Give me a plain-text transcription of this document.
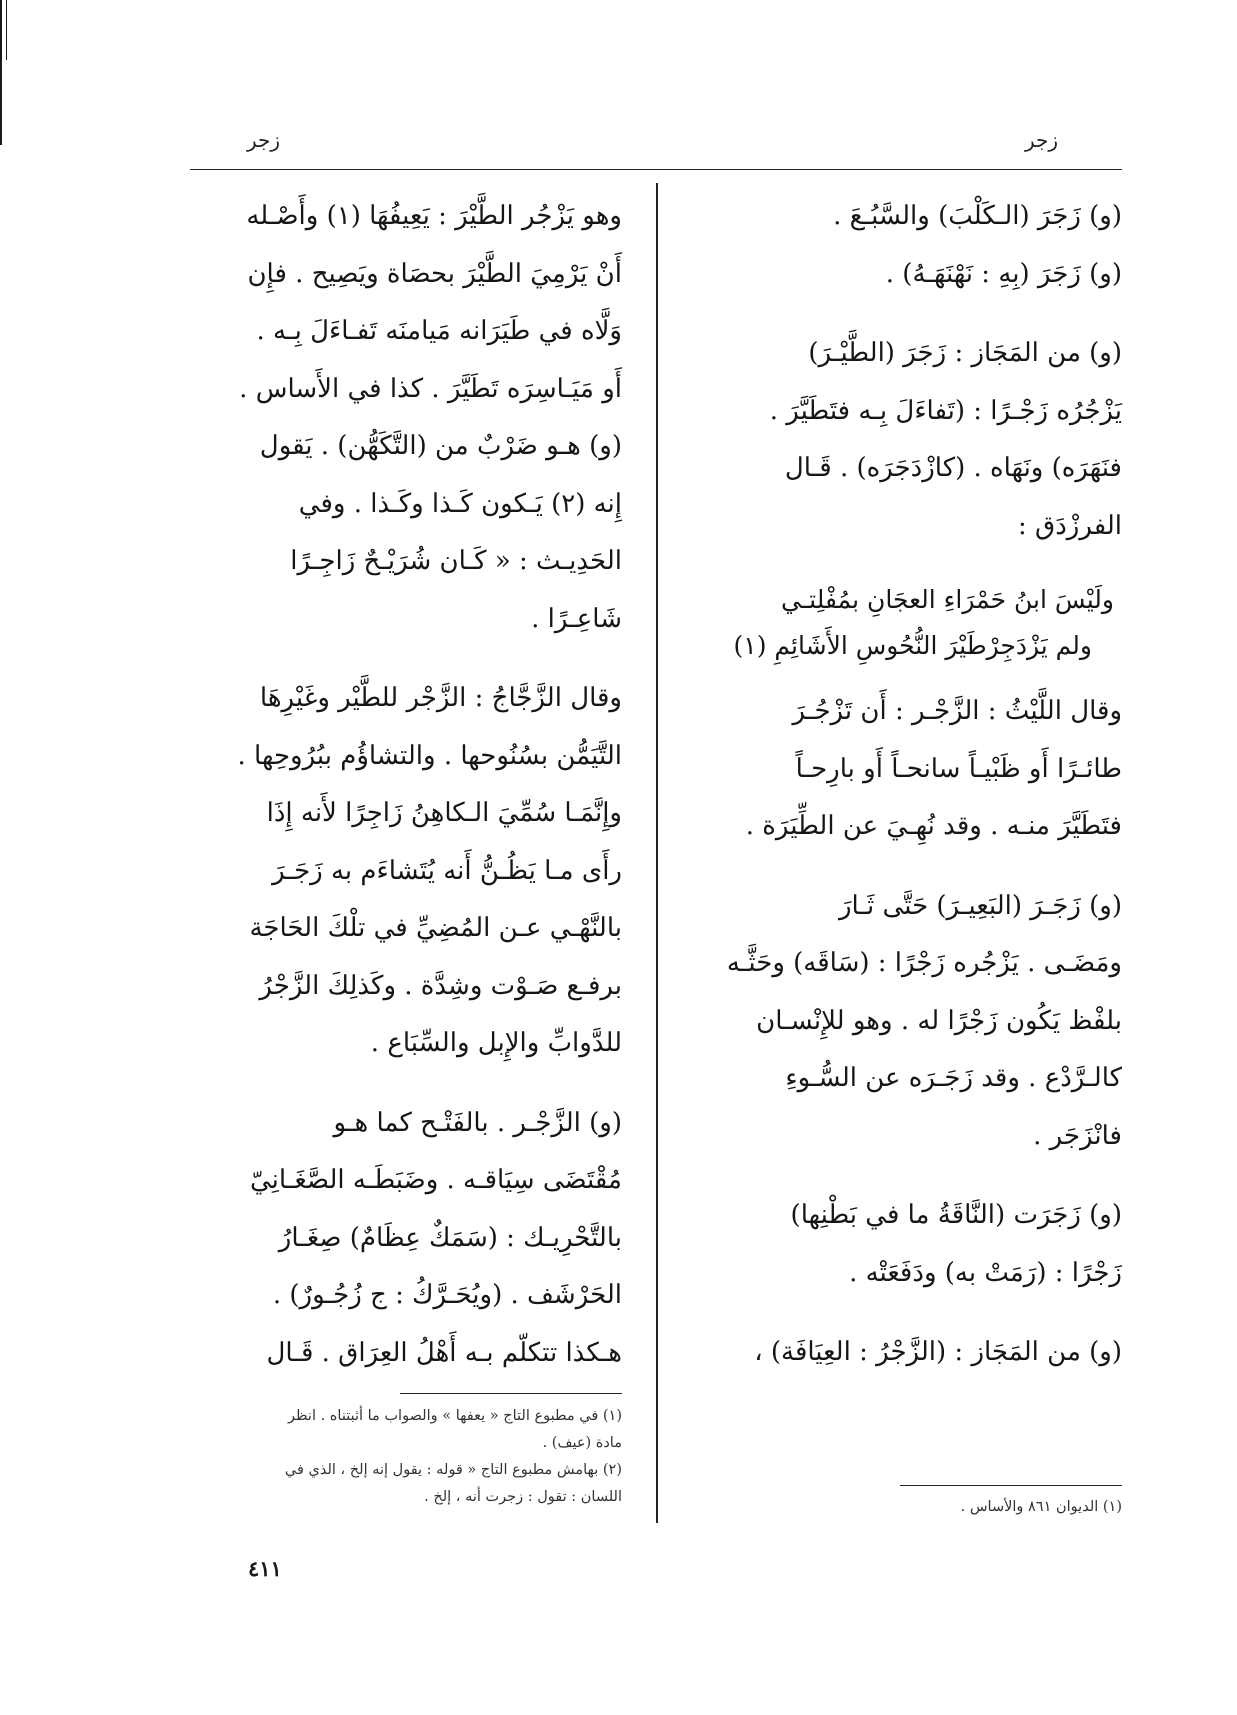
زجر	زجر

(و) زَجَرَ (الـكَلْبَ) والسَّبُـعَ .

(و) زَجَرَ (بِهِ : نَهْنَهَـهُ) .

(و) من المَجَاز : زَجَرَ (الطَّيْـرَ)

يَزْجُرُه زَجْـرًا : (تَفاءَلَ بِـه فتَطَيَّرَ .

فنَهَرَه) ونَهَاه . (كازْدَجَرَه) . قَـال

الفرزْدَق :

ولَيْسَ ابنُ حَمْرَاءِ العجَانِ بمُفْلِتـي
ولم يَزْدَجِرْطَيْرَ النُّحُوسِ الأَشَائِمِ (١)

وقال اللَّيْثُ : الزَّجْـر : أَن تَزْجُـرَ

طائـرًا أَو ظَبْيـاً سانحـاً أَو بارِحـاً

فتَطَيَّرَ منـه . وقد نُهِـيَ عن الطِّيَرَة .

(و) زَجَـرَ (البَعِيـرَ) حَتَّى ثَـارَ

ومَضَـى . يَزْجُره زَجْرًا : (سَاقَه) وحَثَّـه

بلفْظ يَكُون زَجْرًا له . وهو للإِنْسـان

كالـرَّدْع . وقد زَجَـرَه عن السُّـوءِ

فانْزَجَر .

(و) زَجَرَت (النَّاقَةُ ما في بَطْنِها)

زَجْرًا : (رَمَتْ به) ودَفَعَتْه .

(و) من المَجَاز : (الزَّجْرُ : العِيَافَة) ،

وهو يَزْجُر الطَّيْرَ : يَعِيفُهَا (١) وأَصْـله

أَنْ يَرْمِيَ الطَّيْرَ بحصَاة ويَصِيح . فإِن

وَلَّاه في طَيَرَانه مَيامنَه تَفـاءَلَ بِـه .

أَو مَيَـاسِرَه تَطَيَّرَ . كذا في الأَساس .

(و) هـو ضَرْبٌ من (التَّكَهُّن) . يَقول

إِنه (٢) يَـكون كَـذا وكَـذا . وفي

الحَدِيـث : « كَـان شُرَيْـحٌ زَاجِـرًا

شَاعِـرًا .

وقال الزَّجَّاجُ : الزَّجْر للطَّيْر وغَيْرِهَا

التَّيَمُّن بسُنُوحها . والتشاؤُم ببُرُوحِها .

وإِنَّمَـا سُمِّيَ الـكاهِنُ زَاجِرًا لأَنه إِذَا

رأَى مـا يَظُـنُّ أَنه يُتَشاءَم به زَجَـرَ

بالنَّهْـي عـن المُضِيِّ في تلْكَ الحَاجَة

برفـع صَـوْت وشِدَّة . وكَذلِكَ الزَّجْرُ

للدَّوابِّ والإِبل والسِّبَاع .

(و) الزَّجْـر . بالفَتْـح كما هـو

مُقْتَضَى سِيَاقـه . وضَبَطَـه الصَّغَـانِيّ

بالتَّحْرِيـك : (سَمَكٌ عِظَامٌ) صِغَـارُ

الحَرْشَف . (ويُحَـرَّكُ : ج زُجُـورٌ) .

هـكذا تتكلّم بـه أَهْلُ العِرَاق . قَـال

(١) في مطبوع التاج « يعفها » والصواب ما أثبتناه . انظر

مادة (عيف) .

(٢) بهامش مطبوع التاج « قوله : يقول إنه إلخ ، الذي في

اللسان : تقول : زجرت أنه ، إلخ .

(١) الديوان ٨٦١ والأساس .

٤١١
